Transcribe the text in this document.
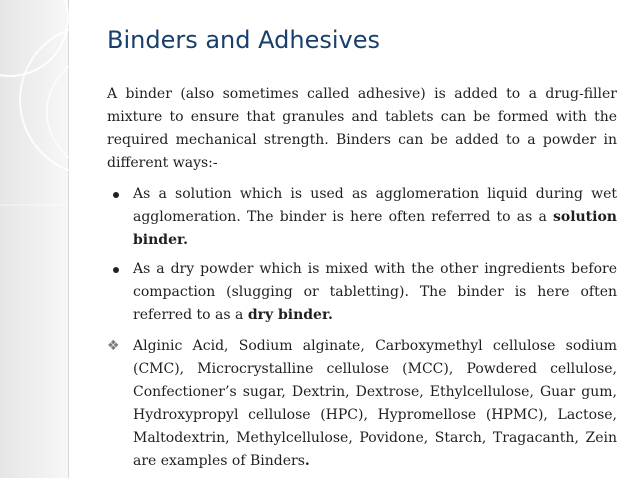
Binders and Adhesives

A binder (also sometimes called adhesive) is added to a drug-filler mixture to ensure that granules and tablets can be formed with the required mechanical strength. Binders can be added to a powder in different ways:-

As a solution which is used as agglomeration liquid during wet agglomeration. The binder is here often referred to as a solution binder.
As a dry powder which is mixed with the other ingredients before compaction (slugging or tabletting). The binder is here often referred to as a dry binder.
❖ Alginic Acid, Sodium alginate, Carboxymethyl cellulose sodium (CMC), Microcrystalline cellulose (MCC), Powdered cellulose, Confectioner’s sugar, Dextrin, Dextrose, Ethylcellulose, Guar gum, Hydroxypropyl cellulose (HPC), Hypromellose (HPMC), Lactose, Maltodextrin, Methylcellulose, Povidone, Starch, Tragacanth, Zein are examples of Binders.
